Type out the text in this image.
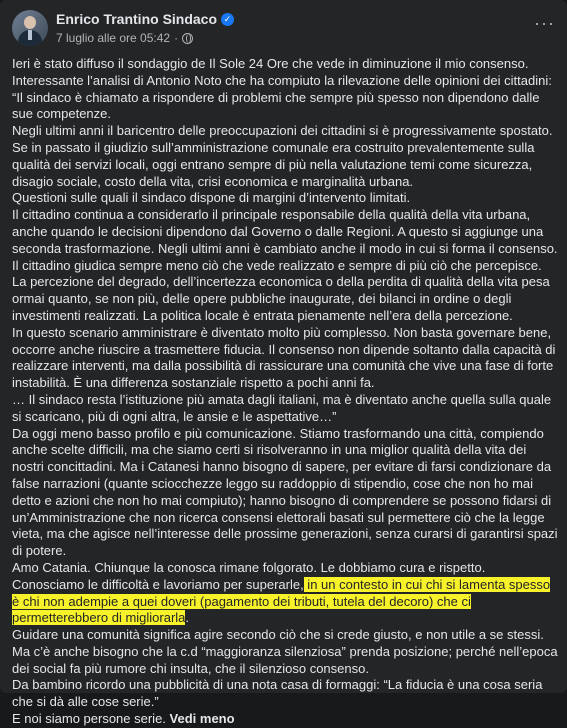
Enrico Trantino Sindaco ✓
7 luglio alle ore 05:42 ·
···

Ieri è stato diffuso il sondaggio de Il Sole 24 Ore che vede in diminuzione il mio consenso.

Interessante l’analisi di Antonio Noto che ha compiuto la rilevazione delle opinioni dei cittadini:

“Il sindaco è chiamato a rispondere di problemi che sempre più spesso non dipendono dalle sue competenze.

Negli ultimi anni il baricentro delle preoccupazioni dei cittadini si è progressivamente spostato. Se in passato il giudizio sull’amministrazione comunale era costruito prevalentemente sulla qualità dei servizi locali, oggi entrano sempre di più nella valutazione temi come sicurezza, disagio sociale, costo della vita, crisi economica e marginalità urbana.

Questioni sulle quali il sindaco dispone di margini d’intervento limitati.

Il cittadino continua a considerarlo il principale responsabile della qualità della vita urbana, anche quando le decisioni dipendono dal Governo o dalle Regioni. A questo si aggiunge una seconda trasformazione. Negli ultimi anni è cambiato anche il modo in cui si forma il consenso. Il cittadino giudica sempre meno ciò che vede realizzato e sempre di più ciò che percepisce. La percezione del degrado, dell’incertezza economica o della perdita di qualità della vita pesa ormai quanto, se non più, delle opere pubbliche inaugurate, dei bilanci in ordine o degli investimenti realizzati. La politica locale è entrata pienamente nell’era della percezione.

In questo scenario amministrare è diventato molto più complesso. Non basta governare bene, occorre anche riuscire a trasmettere fiducia. Il consenso non dipende soltanto dalla capacità di realizzare interventi, ma dalla possibilità di rassicurare una comunità che vive una fase di forte instabilità. È una differenza sostanziale rispetto a pochi anni fa.

… Il sindaco resta l’istituzione più amata dagli italiani, ma è diventato anche quella sulla quale si scaricano, più di ogni altra, le ansie e le aspettative…”

Da oggi meno basso profilo e più comunicazione. Stiamo trasformando una città, compiendo anche scelte difficili, ma che siamo certi si risolveranno in una miglior qualità della vita dei nostri concittadini. Ma i Catanesi hanno bisogno di sapere, per evitare di farsi condizionare da false narrazioni (quante sciocchezze leggo su raddoppio di stipendio, cose che non ho mai detto e azioni che non ho mai compiuto); hanno bisogno di comprendere se possono fidarsi di un’Amministrazione che non ricerca consensi elettorali basati sul permettere ciò che la legge vieta, ma che agisce nell’interesse delle prossime generazioni, senza curarsi di garantirsi spazi di potere.

Amo Catania. Chiunque la conosca rimane folgorato. Le dobbiamo cura e rispetto. Conosciamo le difficoltà e lavoriamo per superarle, in un contesto in cui chi si lamenta spesso è chi non adempie a quei doveri (pagamento dei tributi, tutela del decoro) che ci permetterebbero di migliorarla.

Guidare una comunità significa agire secondo ciò che si crede giusto, e non utile a se stessi. Ma c’è anche bisogno che la c.d “maggioranza silenziosa” prenda posizione; perché nell’epoca dei social fa più rumore chi insulta, che il silenzioso consenso.

Da bambino ricordo una pubblicità di una nota casa di formaggi: “La fiducia è una cosa seria che si dà alle cose serie.”

E noi siamo persone serie. Vedi meno
